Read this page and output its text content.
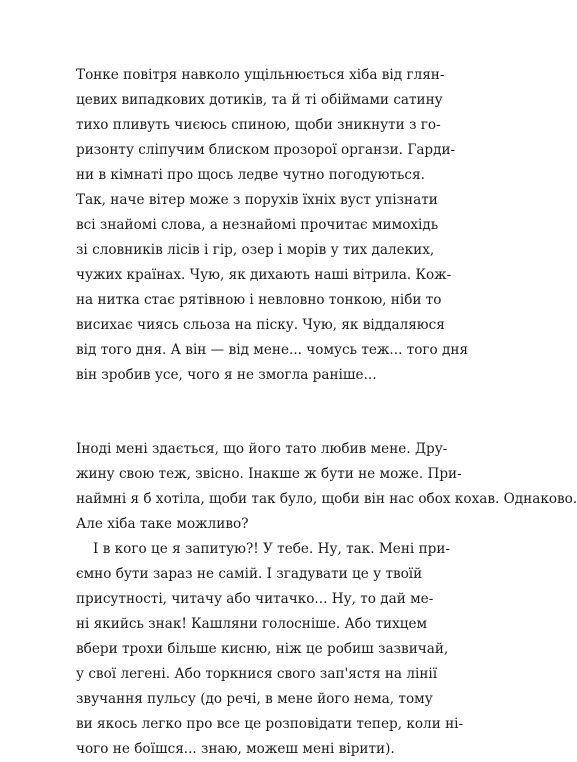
Тонке повітря навколо ущільнюється хіба від глян-
цевих випадкових дотиків, та й ті обіймами сатину
тихо пливуть чиєюсь спиною, щоби зникнути з го-
ризонту сліпучим блиском прозорої органзи. Гарди-
ни в кімнаті про щось ледве чутно погодуються.
Так, наче вітер може з порухів їхніх вуст упізнати
всі знайомі слова, а незнайомі прочитає мимохідь
зі словників лісів і гір, озер і морів у тих далеких,
чужих країнах. Чую, як дихають наші вітрила. Кож-
на нитка стає рятівною і невловно тонкою, ніби то
висихає чиясь сльоза на піску. Чую, як віддаляюся
від того дня. А він — від мене... чомусь теж... того дня
він зробив усе, чого я не змогла раніше...
Іноді мені здається, що його тато любив мене. Дру-
жину свою теж, звісно. Інакше ж бути не може. При-
наймні я б хотіла, щоби так було, щоби він нас обох кохав. Однаково.
Але хіба таке можливо?
І в кого це я запитую?! У тебе. Ну, так. Мені при-
ємно бути зараз не самій. І згадувати це у твоїй
присутності, читачу або читачко... Ну, то дай ме-
ні якийсь знак! Кашляни голосніше. Або тихцем
вбери трохи більше кисню, ніж це робиш зазвичай,
у свої легені. Або торкнися свого зап'ястя на лінії
звучання пульсу (до речі, в мене його нема, тому
ви якось легко про все це розповідати тепер, коли ні-
чого не боїшся... знаю, можеш мені вірити).
